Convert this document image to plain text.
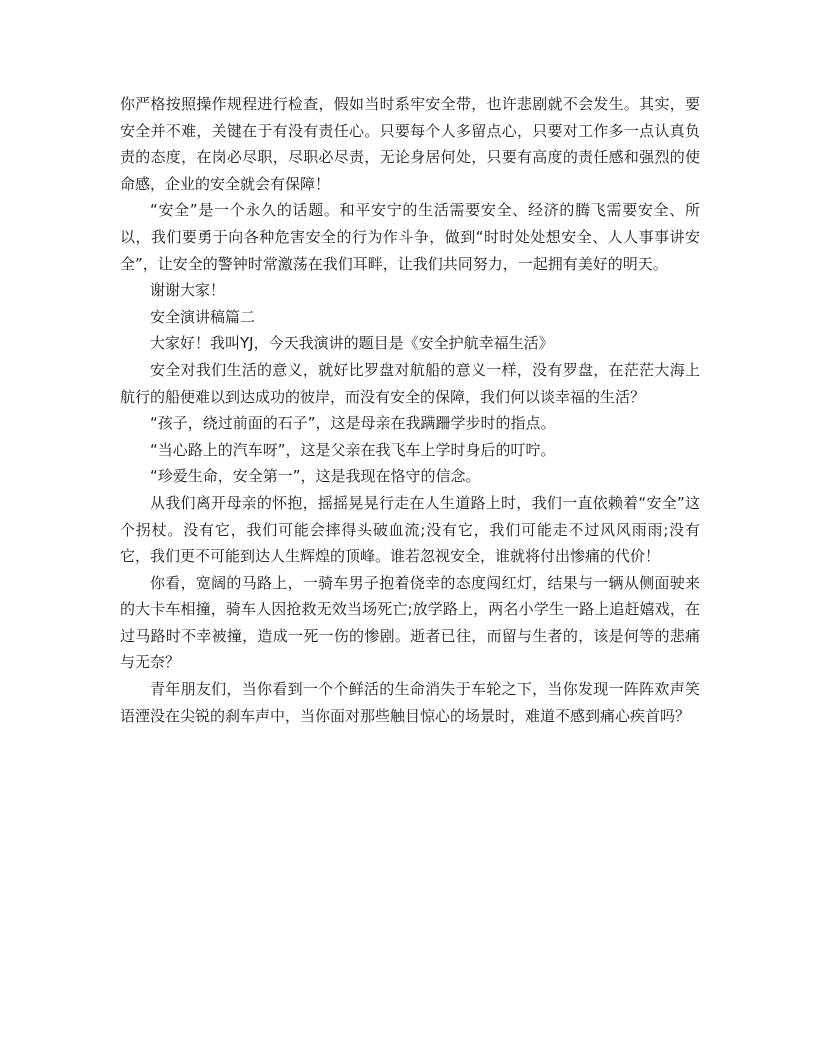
你严格按照操作规程进行检查，假如当时系牢安全带，也许悲剧就不会发生。其实，要安全并不难，关键在于有没有责任心。只要每个人多留点心，只要对工作多一点认真负责的态度，在岗必尽职，尽职必尽责，无论身居何处，只要有高度的责任感和强烈的使命感，企业的安全就会有保障！

“安全”是一个永久的话题。和平安宁的生活需要安全、经济的腾飞需要安全、所以，我们要勇于向各种危害安全的行为作斗争，做到“时时处处想安全、人人事事讲安全”，让安全的警钟时常激荡在我们耳畔，让我们共同努力，一起拥有美好的明天。

谢谢大家！

安全演讲稿篇二

大家好！我叫YJ，今天我演讲的题目是《安全护航幸福生活》

安全对我们生活的意义，就好比罗盘对航船的意义一样，没有罗盘，在茫茫大海上航行的船便难以到达成功的彼岸，而没有安全的保障，我们何以谈幸福的生活？

“孩子，绕过前面的石子”，这是母亲在我蹒跚学步时的指点。

“当心路上的汽车呀”，这是父亲在我飞车上学时身后的叮咛。

“珍爱生命，安全第一”，这是我现在恪守的信念。

从我们离开母亲的怀抱，摇摇晃晃行走在人生道路上时，我们一直依赖着“安全”这个拐杖。没有它，我们可能会摔得头破血流;没有它，我们可能走不过风风雨雨;没有它，我们更不可能到达人生辉煌的顶峰。谁若忽视安全，谁就将付出惨痛的代价！

你看，宽阔的马路上，一骑车男子抱着侥幸的态度闯红灯，结果与一辆从侧面驶来的大卡车相撞，骑车人因抢救无效当场死亡;放学路上，两名小学生一路上追赶嬉戏，在过马路时不幸被撞，造成一死一伤的惨剧。逝者已往，而留与生者的，该是何等的悲痛与无奈？

青年朋友们，当你看到一个个鲜活的生命消失于车轮之下，当你发现一阵阵欢声笑语湮没在尖锐的刹车声中，当你面对那些触目惊心的场景时，难道不感到痛心疾首吗？
